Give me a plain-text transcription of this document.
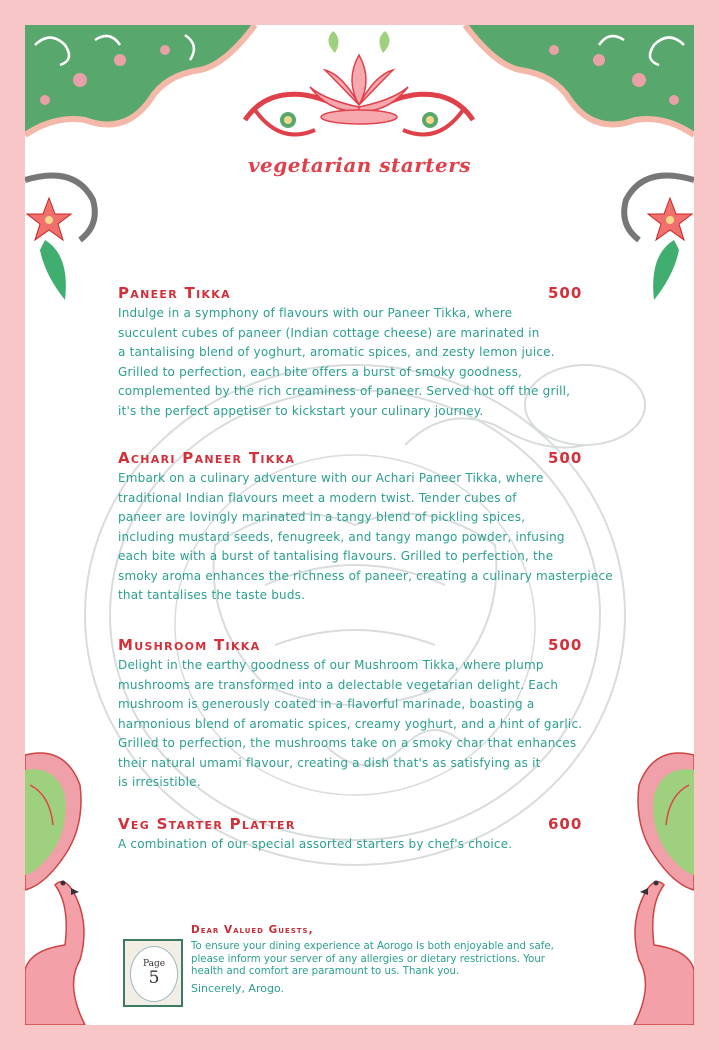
vegetarian starters
Paneer Tikka	500
Indulge in a symphony of flavours with our Paneer Tikka, where
succulent cubes of paneer (Indian cottage cheese) are marinated in
a tantalising blend of yoghurt, aromatic spices, and zesty lemon juice.
Grilled to perfection, each bite offers a burst of smoky goodness,
complemented by the rich creaminess of paneer. Served hot off the grill,
it's the perfect appetiser to kickstart your culinary journey.
Achari Paneer Tikka	500
Embark on a culinary adventure with our Achari Paneer Tikka, where
traditional Indian flavours meet a modern twist. Tender cubes of
paneer are lovingly marinated in a tangy blend of pickling spices,
including mustard seeds, fenugreek, and tangy mango powder, infusing
each bite with a burst of tantalising flavours. Grilled to perfection, the
smoky aroma enhances the richness of paneer, creating a culinary masterpiece
that tantalises the taste buds.
Mushroom Tikka	500
Delight in the earthy goodness of our Mushroom Tikka, where plump
mushrooms are transformed into a delectable vegetarian delight. Each
mushroom is generously coated in a flavorful marinade, boasting a
harmonious blend of aromatic spices, creamy yoghurt, and a hint of garlic.
Grilled to perfection, the mushrooms take on a smoky char that enhances
their natural umami flavour, creating a dish that's as satisfying as it
is irresistible.
Veg Starter Platter	600
A combination of our special assorted starters by chef's choice.
Page
5
Dear Valued Guests,
To ensure your dining experience at Aorogo is both enjoyable and safe,
please inform your server of any allergies or dietary restrictions. Your
health and comfort are paramount to us. Thank you.
Sincerely, Arogo.
